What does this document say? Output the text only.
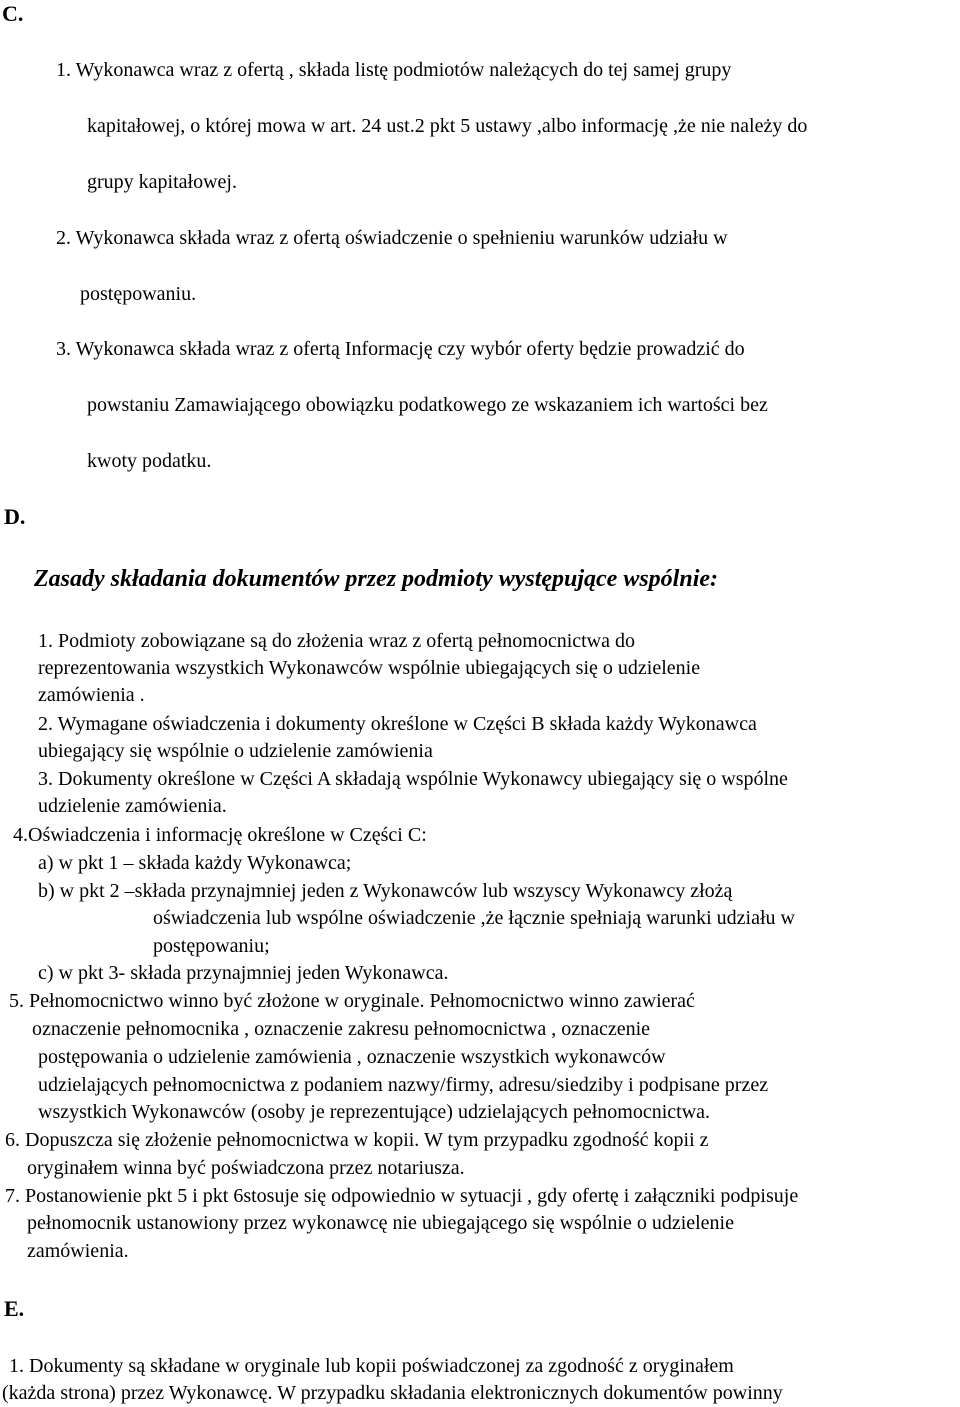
C.
1. Wykonawca wraz z ofertą , składa listę podmiotów należących do tej samej grupy
kapitałowej, o której mowa w art. 24 ust.2 pkt 5 ustawy ,albo informację ,że nie należy do
grupy kapitałowej.
2. Wykonawca składa wraz z ofertą oświadczenie o spełnieniu warunków udziału w
postępowaniu.
3. Wykonawca składa wraz z ofertą Informację czy wybór oferty będzie prowadzić do
powstaniu Zamawiającego obowiązku podatkowego ze wskazaniem ich wartości bez
kwoty podatku.
D.
Zasady składania dokumentów przez podmioty występujące wspólnie:
1. Podmioty zobowiązane są do złożenia wraz z ofertą pełnomocnictwa do
reprezentowania wszystkich Wykonawców wspólnie ubiegających się o udzielenie
zamówienia .
2. Wymagane oświadczenia i dokumenty określone w Części B składa każdy Wykonawca
ubiegający się wspólnie o udzielenie zamówienia
3. Dokumenty określone w Części A składają wspólnie Wykonawcy ubiegający się o wspólne
udzielenie zamówienia.
4.Oświadczenia i informację określone w Części C:
a) w pkt 1 – składa każdy Wykonawca;
b) w pkt 2 –składa przynajmniej jeden z Wykonawców lub wszyscy Wykonawcy złożą
oświadczenia lub wspólne oświadczenie ,że łącznie spełniają warunki udziału w
postępowaniu;
c) w pkt 3- składa przynajmniej jeden Wykonawca.
5. Pełnomocnictwo winno być złożone w oryginale. Pełnomocnictwo winno zawierać
oznaczenie pełnomocnika , oznaczenie zakresu pełnomocnictwa , oznaczenie
postępowania o udzielenie zamówienia , oznaczenie wszystkich wykonawców
udzielających pełnomocnictwa z podaniem nazwy/firmy, adresu/siedziby i podpisane przez
wszystkich Wykonawców (osoby je reprezentujące) udzielających pełnomocnictwa.
6. Dopuszcza się złożenie pełnomocnictwa w kopii. W tym przypadku zgodność kopii z
oryginałem winna być poświadczona przez notariusza.
7. Postanowienie pkt 5 i pkt 6stosuje się odpowiednio w sytuacji , gdy ofertę i załączniki podpisuje
pełnomocnik ustanowiony przez wykonawcę nie ubiegającego się wspólnie o udzielenie
zamówienia.
E.
1. Dokumenty są składane w oryginale lub kopii poświadczonej za zgodność z oryginałem
(każda strona) przez Wykonawcę. W przypadku składania elektronicznych dokumentów powinny
